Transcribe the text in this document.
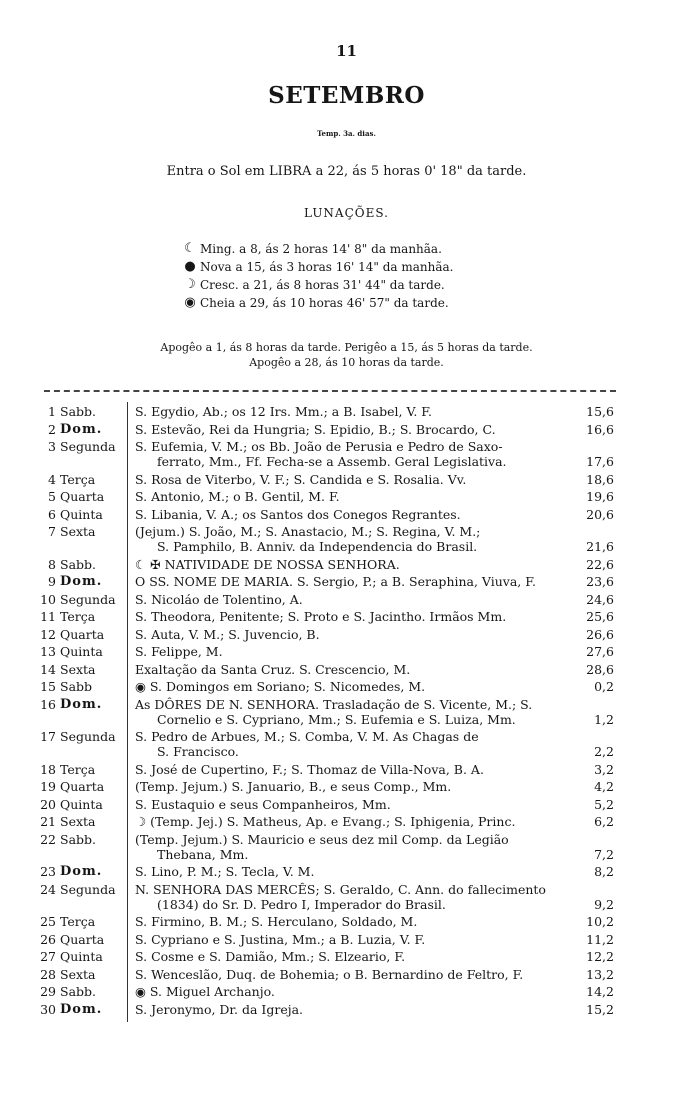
11
SETEMBRO
Temp. 3a. dias.
Entra o Sol em LIBRA a 22, ás 5 horas 0' 18" da tarde.
LUNAÇÕES.
☾ Ming. a 8, ás 2 horas 14' 8" da manhãa.
● Nova a 15, ás 3 horas 16' 14" da manhãa.
☽ Cresc. a 21, ás 8 horas 31' 44" da tarde.
◉ Cheia a 29, ás 10 horas 46' 57" da tarde.
Apogêo a 1, ás 8 horas da tarde. Perigêo a 15, ás 5 horas da tarde.
Apogêo a 28, ás 10 horas da tarde.
1 Sabb.	S. Egydio, Ab.; os 12 Irs. Mm.; a B. Isabel, V. F.	15,6
2 Dom.	S. Estevão, Rei da Hungria; S. Epidio, B.; S. Brocardo, C.	16,6
3 Segunda S. Eufemia, V. M.; os Bb. João de Perusia e Pedro de Saxo-
ferrato, Mm., Ff. Fecha-se a Assemb. Geral Legislativa.	17,6
4 Terça	S. Rosa de Viterbo, V. F.; S. Candida e S. Rosalia. Vv.	18,6
5 Quarta S. Antonio, M.; o B. Gentil, M. F.	19,6
6 Quinta	S. Libania, V. A.; os Santos dos Conegos Regrantes.	20,6
7 Sexta	(Jejum.) S. João, M.; S. Anastacio, M.; S. Regina, V. M.;
S. Pamphilo, B. Anniv. da Independencia do Brasil.	21,6
8 Sabb.	☾ ✠ NATIVIDADE DE NOSSA SENHORA.	22,6
9 Dom.	O SS. NOME DE MARIA. S. Sergio, P.; a B. Seraphina, Viuva, F.	23,6
10 Segunda S. Nicoláo de Tolentino, A.	24,6
11 Terça	S. Theodora, Penitente; S. Proto e S. Jacintho. Irmãos Mm.	25,6
12 Quarta S. Auta, V. M.; S. Juvencio, B.	26,6
13 Quinta	S. Felippe, M.	27,6
14 Sexta	Exaltação da Santa Cruz. S. Crescencio, M.	28,6
15 Sabb	◉ S. Domingos em Soriano; S. Nicomedes, M.	0,2
16 Dom.	As DÔRES DE N. SENHORA. Trasladação de S. Vicente, M.; S.
Cornelio e S. Cypriano, Mm.; S. Eufemia e S. Luiza, Mm.	1,2
17 Segunda S. Pedro de Arbues, M.; S. Comba, V. M. As Chagas de
S. Francisco.	2,2
18 Terça	S. José de Cupertino, F.; S. Thomaz de Villa-Nova, B. A.	3,2
19 Quarta (Temp. Jejum.) S. Januario, B., e seus Comp., Mm.	4,2
20 Quinta	S. Eustaquio e seus Companheiros, Mm.	5,2
21 Sexta	☽ (Temp. Jej.) S. Matheus, Ap. e Evang.; S. Iphigenia, Princ.	6,2
22 Sabb.	(Temp. Jejum.) S. Mauricio e seus dez mil Comp. da Legião
Thebana, Mm.	7,2
23 Dom.	S. Lino, P. M.; S. Tecla, V. M.	8,2
24 Segunda N. SENHORA DAS MERCÊS; S. Geraldo, C. Ann. do fallecimento
(1834) do Sr. D. Pedro I, Imperador do Brasil.	9,2
25 Terça	S. Firmino, B. M.; S. Herculano, Soldado, M.	10,2
26 Quarta S. Cypriano e S. Justina, Mm.; a B. Luzia, V. F.	11,2
27 Quinta	S. Cosme e S. Damião, Mm.; S. Elzeario, F.	12,2
28 Sexta	S. Wenceslão, Duq. de Bohemia; o B. Bernardino de Feltro, F.	13,2
29 Sabb.	◉ S. Miguel Archanjo.	14,2
30 Dom.	S. Jeronymo, Dr. da Igreja.	15,2
